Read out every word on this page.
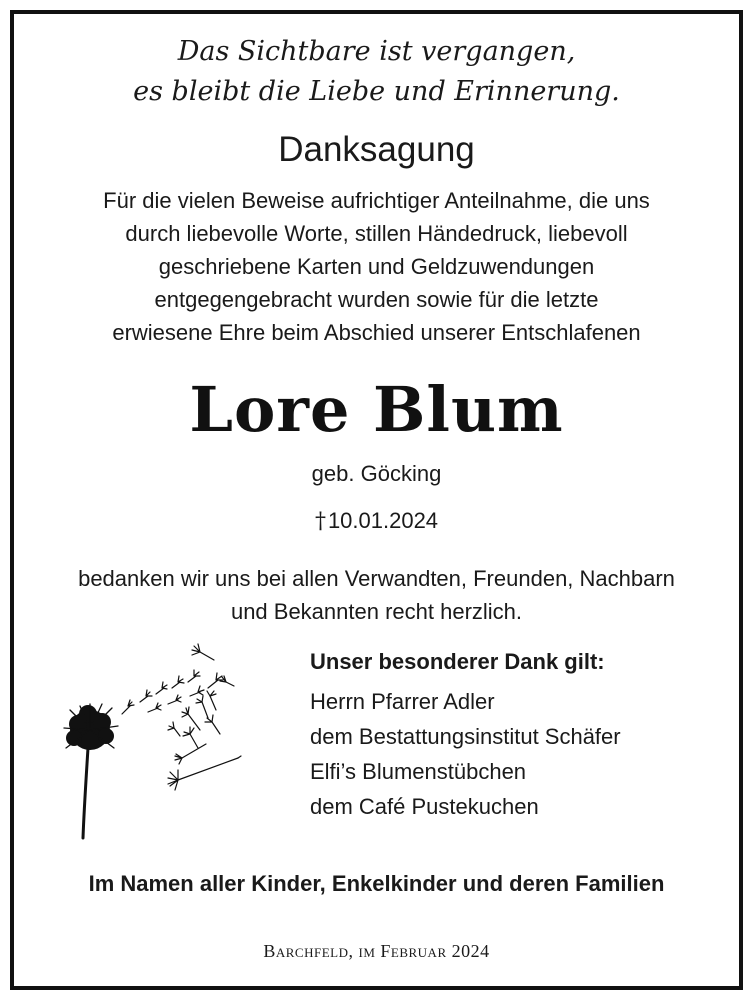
Das Sichtbare ist vergangen,
es bleibt die Liebe und Erinnerung.
Danksagung
Für die vielen Beweise aufrichtiger Anteilnahme, die uns
durch liebevolle Worte, stillen Händedruck, liebevoll
geschriebene Karten und Geldzuwendungen
entgegengebracht wurden sowie für die letzte
erwiesene Ehre beim Abschied unserer Entschlafenen
Lore Blum
geb. Göcking
†10.01.2024
bedanken wir uns bei allen Verwandten, Freunden, Nachbarn
und Bekannten recht herzlich.
Unser besonderer Dank gilt:
Herrn Pfarrer Adler
dem Bestattungsinstitut Schäfer
Elfi’s Blumenstübchen
dem Café Pustekuchen
Im Namen aller Kinder, Enkelkinder und deren Familien
Barchfeld, im Februar 2024
